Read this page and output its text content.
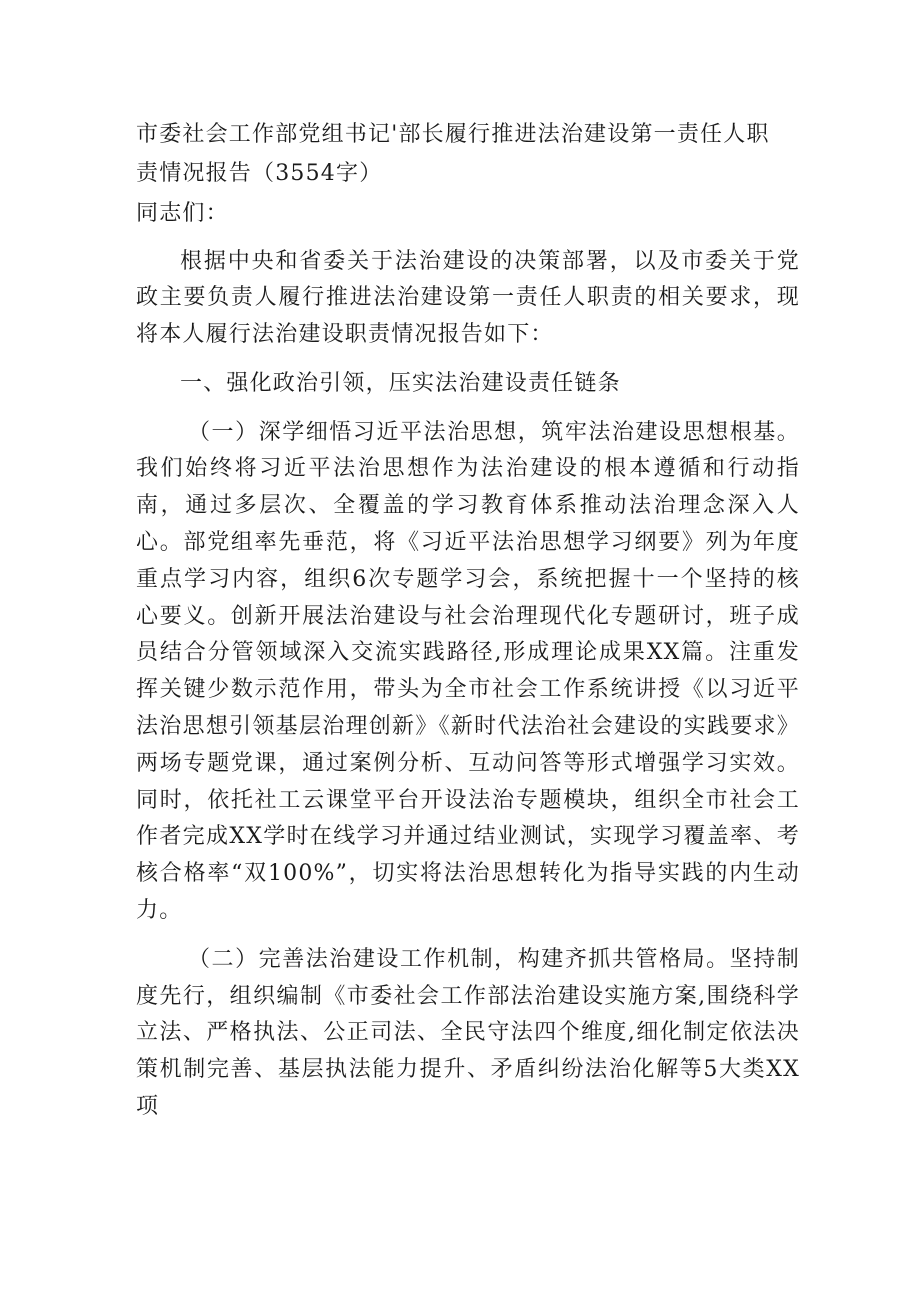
市委社会工作部党组书记'部长履行推进法治建设第一责任人职
责情况报告（3554字）

同志们：

根据中央和省委关于法治建设的决策部署，以及市委关于党政主要负责人履行推进法治建设第一责任人职责的相关要求，现将本人履行法治建设职责情况报告如下：

一、强化政治引领，压实法治建设责任链条

（一）深学细悟习近平法治思想，筑牢法治建设思想根基。我们始终将习近平法治思想作为法治建设的根本遵循和行动指南，通过多层次、全覆盖的学习教育体系推动法治理念深入人心。部党组率先垂范，将《习近平法治思想学习纲要》列为年度重点学习内容，组织6次专题学习会，系统把握十一个坚持的核心要义。创新开展法治建设与社会治理现代化专题研讨，班子成员结合分管领域深入交流实践路径,形成理论成果XX篇。注重发挥关键少数示范作用，带头为全市社会工作系统讲授《以习近平法治思想引领基层治理创新》《新时代法治社会建设的实践要求》两场专题党课，通过案例分析、互动问答等形式增强学习实效。同时，依托社工云课堂平台开设法治专题模块，组织全市社会工作者完成XX学时在线学习并通过结业测试，实现学习覆盖率、考核合格率“双100%”，切实将法治思想转化为指导实践的内生动力。

（二）完善法治建设工作机制，构建齐抓共管格局。坚持制度先行，组织编制《市委社会工作部法治建设实施方案,围绕科学立法、严格执法、公正司法、全民守法四个维度,细化制定依法决策机制完善、基层执法能力提升、矛盾纠纷法治化解等5大类XX项
